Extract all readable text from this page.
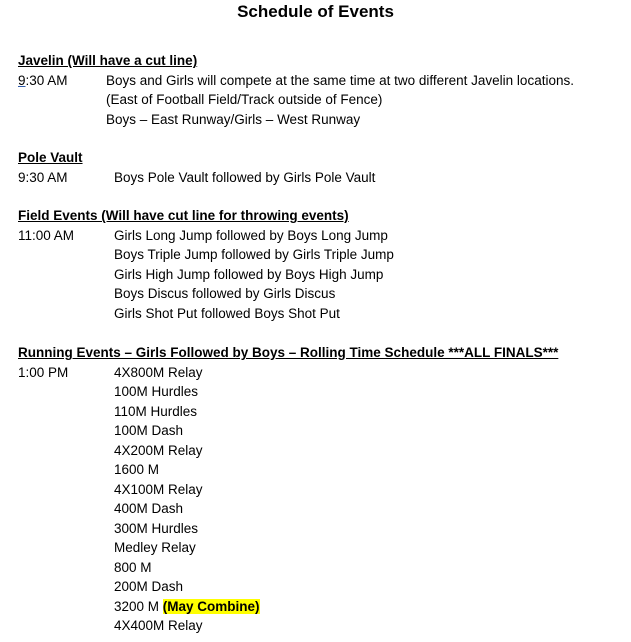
Schedule of Events
Javelin (Will have a cut line)
9:30 AM	Boys and Girls will compete at the same time at two different Javelin locations.
(East of Football Field/Track outside of Fence)
Boys – East Runway/Girls – West Runway
Pole Vault
9:30 AM	Boys Pole Vault followed by Girls Pole Vault
Field Events (Will have cut line for throwing events)
11:00 AM	Girls Long Jump followed by Boys Long Jump
Boys Triple Jump followed by Girls Triple Jump
Girls High Jump followed by Boys High Jump
Boys Discus followed by Girls Discus
Girls Shot Put followed Boys Shot Put
Running Events – Girls Followed by Boys – Rolling Time Schedule ***ALL FINALS***
1:00 PM	4X800M Relay
100M Hurdles
110M Hurdles
100M Dash
4X200M Relay
1600 M
4X100M Relay
400M Dash
300M Hurdles
Medley Relay
800 M
200M Dash
3200 M (May Combine)
4X400M Relay
